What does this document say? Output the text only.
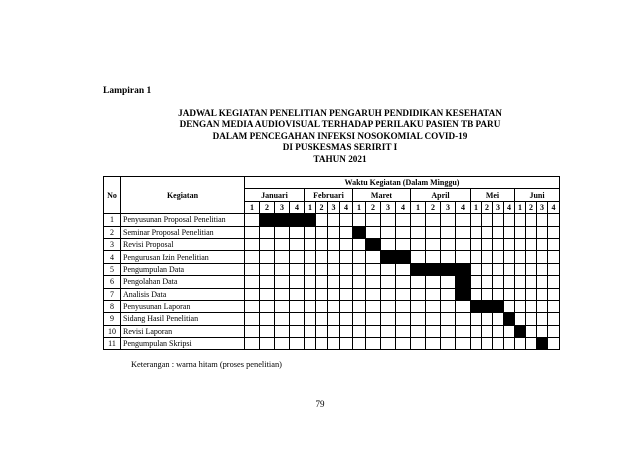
Lampiran 1
JADWAL KEGIATAN PENELITIAN PENGARUH PENDIDIKAN KESEHATAN
DENGAN MEDIA AUDIOVISUAL TERHADAP PERILAKU PASIEN TB PARU
DALAM PENCEGAHAN INFEKSI NOSOKOMIAL COVID-19
DI PUSKESMAS SERIRIT I
TAHUN 2021
No	Kegiatan	Waktu Kegiatan (Dalam Minggu)																							
		Januari				Februari				Maret				April				Mei				Juni			
		1	2	3	4	1	2	3	4	1	2	3	4	1	2	3	4	1	2	3	4	1	2	3	4
1	Penyusunan Proposal Penelitian																								
2	Seminar Proposal Penelitian																								
3	Revisi Proposal																								
4	Pengurusan Izin Penelitian																								
5	Pengumpulan Data																								
6	Pengolahan Data																								
7	Analisis Data																								
8	Penyusunan Laporan																								
9	Sidang Hasil Penelitian																								
10	Revisi Laporan																								
11	Pengumpulan Skripsi																								
Keterangan : warna hitam (proses penelitian)
79
